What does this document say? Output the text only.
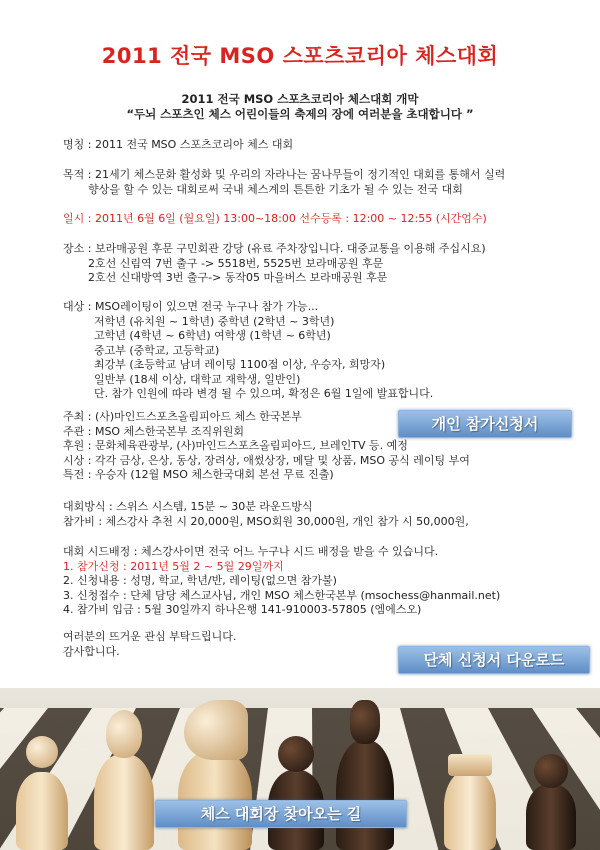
2011 전국 MSO 스포츠코리아 체스대회
2011 전국 MSO 스포츠코리아 체스대회 개막
“두뇌 스포츠인 체스 어린이들의 축제의 장에 여러분을 초대합니다 ”
명칭 : 2011 전국 MSO 스포츠코리아 체스 대회
목적 : 21세기 체스문화 활성화 및 우리의 자라나는 꿈나무들이 정기적인 대회를 통해서 실력
향상을 할 수 있는 대회로써 국내 체스계의 튼튼한 기초가 될 수 있는 전국 대회
일시 : 2011년 6월 6일 (월요일) 13:00~18:00 선수등록 : 12:00 ~ 12:55 (시간엄수)
장소 : 보라매공원 후문 구민회관 강당 (유료 주차장입니다. 대중교통을 이용해 주십시요)
2호선 신림역 7번 출구 -> 5518번, 5525번 보라매공원 후문
2호선 신대방역 3번 출구-> 동작05 마을버스 보라매공원 후문
대상 : MSO레이팅이 있으면 전국 누구나 참가 가능...
저학년 (유치원 ~ 1학년) 중학년 (2학년 ~ 3학년)
고학년 (4학년 ~ 6학년) 여학생 (1학년 ~ 6학년)
중고부 (중학교, 고등학교)
최강부 (초등학교 남녀 레이팅 1100점 이상, 우승자, 희망자)
일반부 (18세 이상, 대학교 재학생, 일반인)
단. 참가 인원에 따라 변경 될 수 있으며, 확정은 6월 1일에 발표합니다.
주최 : (사)마인드스포츠올림피아드 체스 한국본부
주관 : MSO 체스한국본부 조직위원회
후원 : 문화체육관광부, (사)마인드스포츠올림피아드, 브레인TV 등. 예정
시상 : 각각 금상, 은상, 동상, 장려상, 애썼상장, 메달 및 상품, MSO 공식 레이팅 부여
특전 : 우승자 (12월 MSO 체스한국대회 본선 무료 진출)
대회방식 : 스위스 시스템, 15분 ~ 30분 라운드방식
참가비 : 체스강사 추천 시 20,000원, MSO회원 30,000원, 개인 참가 시 50,000원,
대회 시드배정 : 체스강사이면 전국 어느 누구나 시드 배정을 받을 수 있습니다.
1. 참가신청 : 2011년 5월 2 ~ 5월 29일까지
2. 신청내용 : 성명, 학교, 학년/반, 레이팅(없으면 참가불)
3. 신청접수 : 단체 담당 체스교사님, 개인 MSO 체스한국본부 (msochess@hanmail.net)
4. 참가비 입금 : 5월 30일까지 하나은행 141-910003-57805 (엠에스오)
여러분의 뜨거운 관심 부탁드립니다.
감사합니다.
개인 참가신청서
단체 신청서 다운로드
체스 대회장 찾아오는 길
